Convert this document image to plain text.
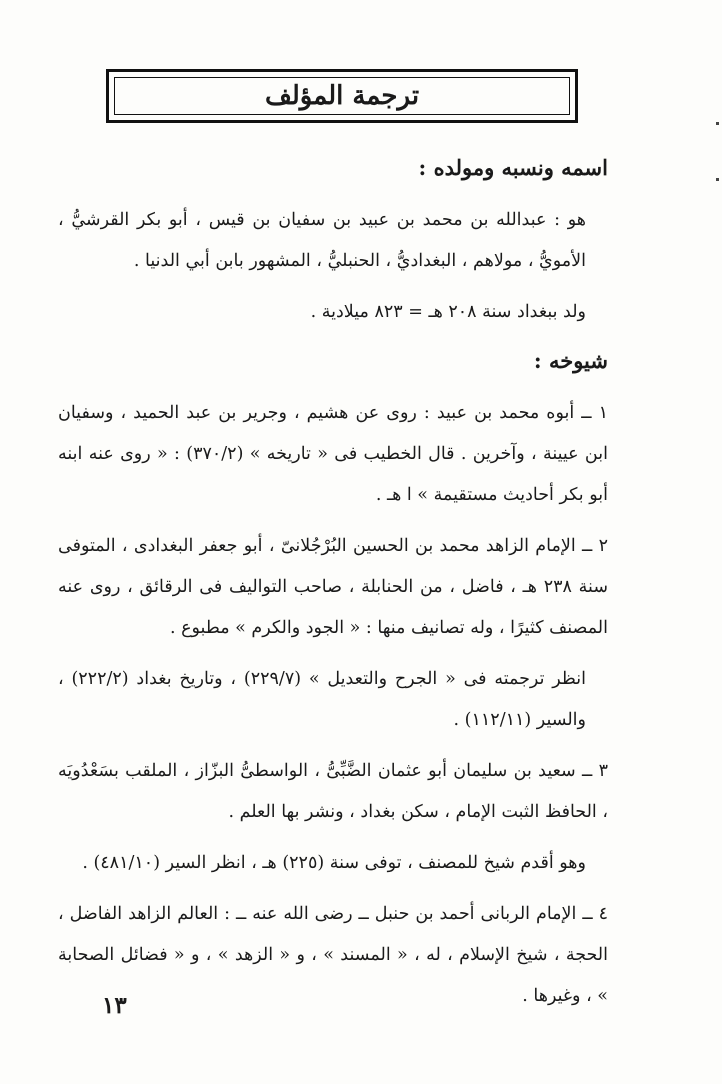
ترجمة المؤلف
اسمه ونسبه ومولده :

هو : عبدالله بن محمد بن عبيد بن سفيان بن قيس ، أبو بكر القرشيُّ ، الأمويُّ ، مولاهم ، البغداديُّ ، الحنبليُّ ، المشهور بابن أبي الدنيا .

ولد ببغداد سنة ٢٠٨ هـ = ٨٢٣ ميلادية .

شيوخه :

١ ــ أبوه محمد بن عبيد : روى عن هشيم ، وجرير بن عبد الحميد ، وسفيان ابن عيينة ، وآخرين . قال الخطيب فى « تاريخه » (٣٧٠/٢) : « روى عنه ابنه أبو بكر أحاديث مستقيمة » ا هـ .

٢ ــ الإمام الزاهد محمد بن الحسين البُرْجُلانىّ ، أبو جعفر البغدادى ، المتوفى سنة ٢٣٨ هـ ، فاضل ، من الحنابلة ، صاحب التواليف فى الرقائق ، روى عنه المصنف كثيرًا ، وله تصانيف منها : « الجود والكرم » مطبوع .

انظر ترجمته فى « الجرح والتعديل » (٢٢٩/٧) ، وتاريخ بغداد (٢٢٢/٢) ، والسير (١١٢/١١) .

٣ ــ سعيد بن سليمان أبو عثمان الضَّبِّىُّ ، الواسطىُّ البزّاز ، الملقب بسَعْدُويَه ، الحافظ الثبت الإمام ، سكن بغداد ، ونشر بها العلم .

وهو أقدم شيخ للمصنف ، توفى سنة (٢٢٥) هـ ، انظر السير (٤٨١/١٠) .

٤ ــ الإمام الربانى أحمد بن حنبل ــ رضى الله عنه ــ : العالم الزاهد الفاضل ، الحجة ، شيخ الإسلام ، له ، « المسند » ، و « الزهد » ، و « فضائل الصحابة » ، وغيرها .

١٣
